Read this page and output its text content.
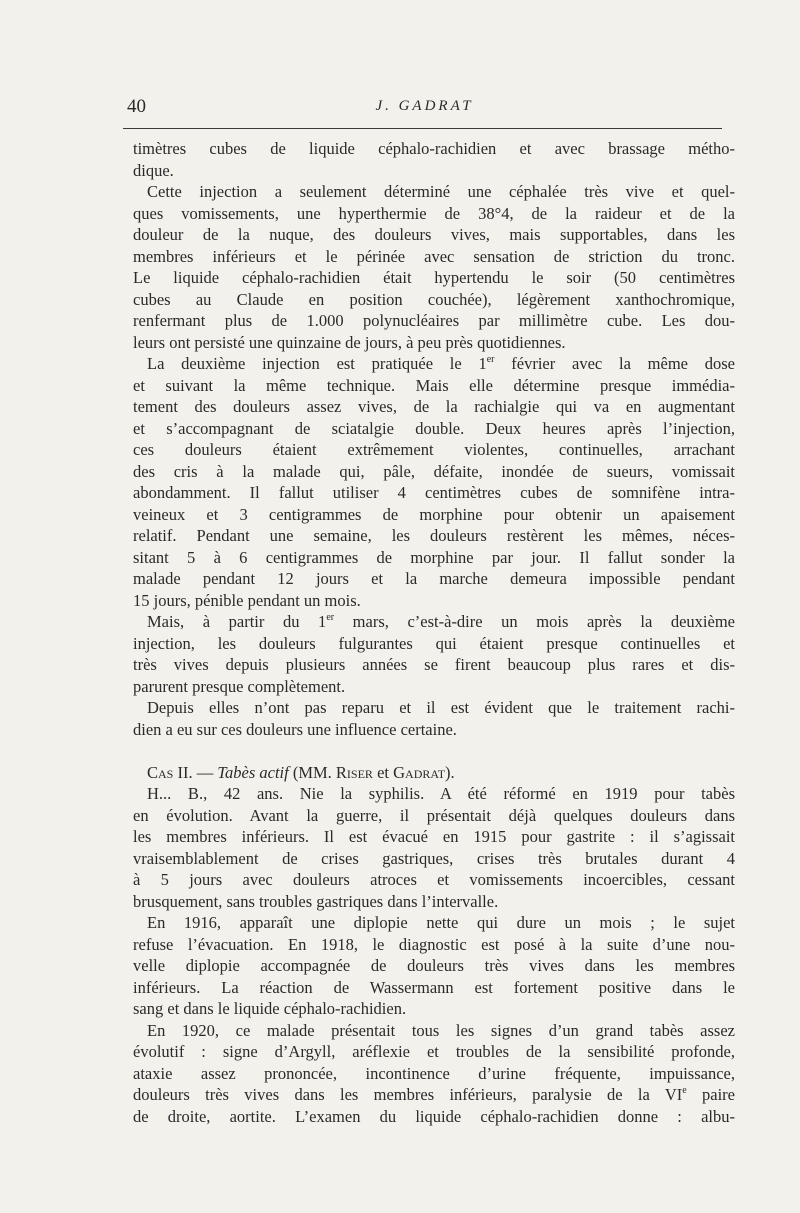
40	J. GADRAT
timètres cubes de liquide céphalo-rachidien et avec brassage métho-
dique.
Cette injection a seulement déterminé une céphalée très vive et quel-
ques vomissements, une hyperthermie de 38°4, de la raideur et de la
douleur de la nuque, des douleurs vives, mais supportables, dans les
membres inférieurs et le périnée avec sensation de striction du tronc.
Le liquide céphalo-rachidien était hypertendu le soir (50 centimètres
cubes au Claude en position couchée), légèrement xanthochromique,
renfermant plus de 1.000 polynucléaires par millimètre cube. Les dou-
leurs ont persisté une quinzaine de jours, à peu près quotidiennes.
La deuxième injection est pratiquée le 1er février avec la même dose
et suivant la même technique. Mais elle détermine presque immédia-
tement des douleurs assez vives, de la rachialgie qui va en augmentant
et s’accompagnant de sciatalgie double. Deux heures après l’injection,
ces douleurs étaient extrêmement violentes, continuelles, arrachant
des cris à la malade qui, pâle, défaite, inondée de sueurs, vomissait
abondamment. Il fallut utiliser 4 centimètres cubes de somnifène intra-
veineux et 3 centigrammes de morphine pour obtenir un apaisement
relatif. Pendant une semaine, les douleurs restèrent les mêmes, néces-
sitant 5 à 6 centigrammes de morphine par jour. Il fallut sonder la
malade pendant 12 jours et la marche demeura impossible pendant
15 jours, pénible pendant un mois.
Mais, à partir du 1er mars, c’est-à-dire un mois après la deuxième
injection, les douleurs fulgurantes qui étaient presque continuelles et
très vives depuis plusieurs années se firent beaucoup plus rares et dis-
parurent presque complètement.
Depuis elles n’ont pas reparu et il est évident que le traitement rachi-
dien a eu sur ces douleurs une influence certaine.
Cas II. — Tabès actif (MM. Riser et Gadrat).
H... B., 42 ans. Nie la syphilis. A été réformé en 1919 pour tabès
en évolution. Avant la guerre, il présentait déjà quelques douleurs dans
les membres inférieurs. Il est évacué en 1915 pour gastrite : il s’agissait
vraisemblablement de crises gastriques, crises très brutales durant 4
à 5 jours avec douleurs atroces et vomissements incoercibles, cessant
brusquement, sans troubles gastriques dans l’intervalle.
En 1916, apparaît une diplopie nette qui dure un mois ; le sujet
refuse l’évacuation. En 1918, le diagnostic est posé à la suite d’une nou-
velle diplopie accompagnée de douleurs très vives dans les membres
inférieurs. La réaction de Wassermann est fortement positive dans le
sang et dans le liquide céphalo-rachidien.
En 1920, ce malade présentait tous les signes d’un grand tabès assez
évolutif : signe d’Argyll, aréflexie et troubles de la sensibilité profonde,
ataxie assez prononcée, incontinence d’urine fréquente, impuissance,
douleurs très vives dans les membres inférieurs, paralysie de la VIe paire
de droite, aortite. L’examen du liquide céphalo-rachidien donne : albu-
